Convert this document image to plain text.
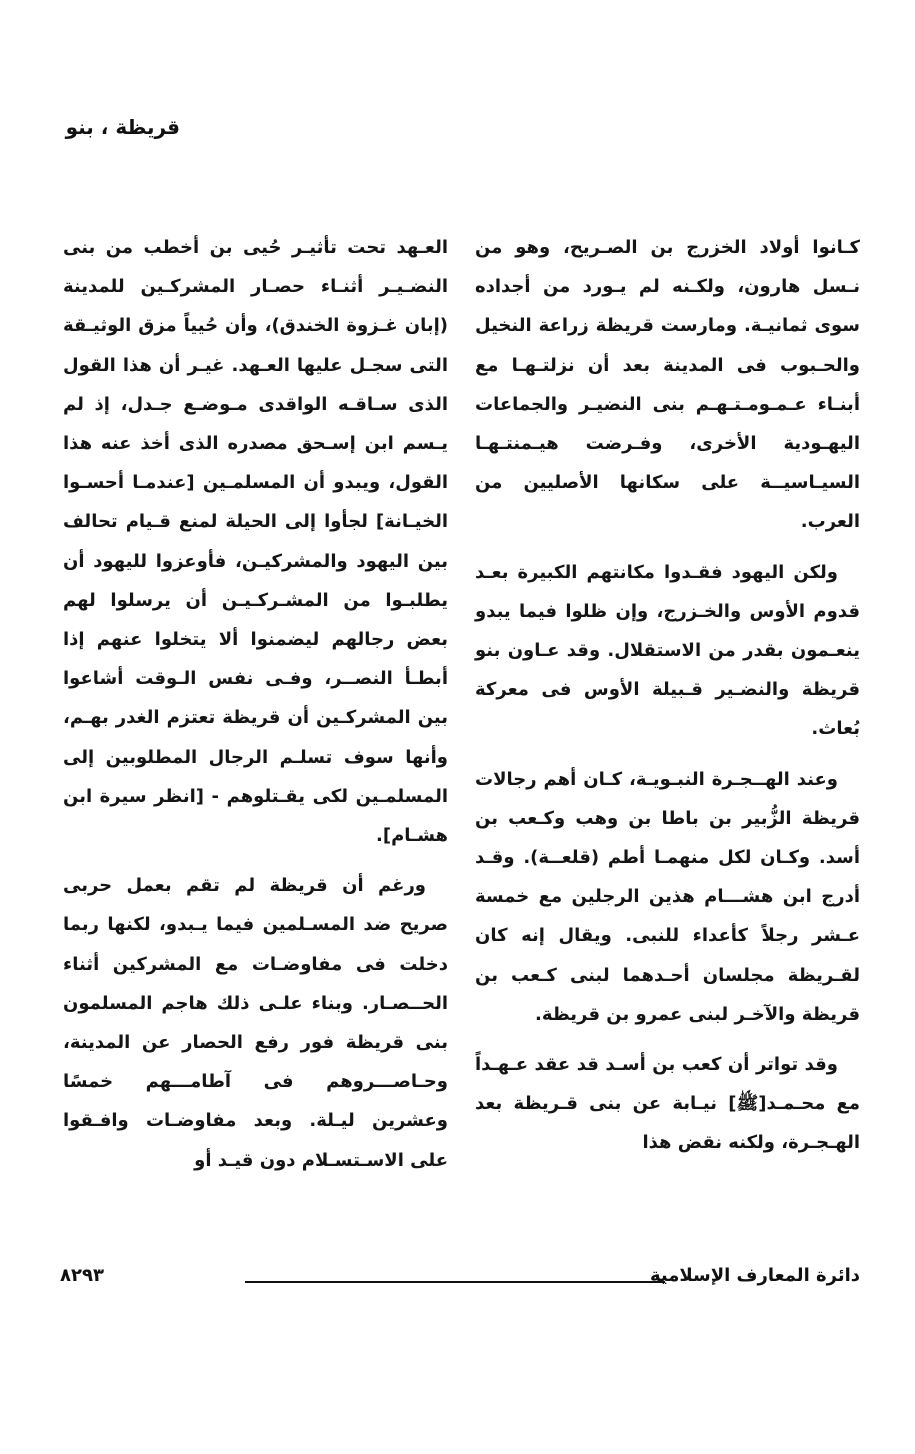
قريظة ، بنو

كـانوا أولاد الخزرج بن الصـريح، وهو من نـسل هارون، ولكـنه لم يـورد من أجداده سوى ثمانيـة. ومارست قريظة زراعة النخيل والحـبوب فى المدينة بعد أن نزلتـهـا مع أبنـاء عـمـومـتـهـم بنى النضيـر والجماعات اليهـودية الأخرى، وفـرضت هيـمنتـهـا السيـاسيــة على سكانها الأصليين من العرب.

ولكن اليهود فقـدوا مكانتهم الكبيرة بعـد قدوم الأوس والخـزرج، وإن ظلوا فيما يبدو ينعـمون بقدر من الاستقلال. وقد عـاون بنو قريظة والنضـير قـبيلة الأوس فى معركة بُعاث.

وعند الهــجـرة النبـويـة، كـان أهم رجالات قريظة الزُّبير بن باطا بن وهب وكـعب بن أسد. وكـان لكل منهمـا أطم (قلعــة). وقـد أدرج ابن هشـــام هذين الرجلين مع خمسة عـشر رجلاً كأعداء للنبى. ويقال إنه كان لقـريظة مجلسان أحـدهما لبنى كـعب بن قريظة والآخـر لبنى عمرو بن قريظة.

وقد تواتر أن كعب بن أسـد قد عقد عـهـداً مع محـمـد[ﷺ] نيـابة عن بنى قـريظة بعد الهـجـرة، ولكنه نقض هذا

العـهد تحت تأثيـر حُيى بن أخطب من بنى النضـيـر أثنـاء حصـار المشركـين للمدينة (إبان غـزوة الخندق)، وأن حُيياً مزق الوثيـقة التى سجـل عليها العـهد. غيـر أن هذا القول الذى سـاقـه الواقدى مـوضـع جـدل، إذ لم يـسم ابن إسـحق مصدره الذى أخذ عنه هذا القول، ويبدو أن المسلمـين [عندمـا أحسـوا الخيـانة] لجأوا إلى الحيلة لمنع قـيام تحالف بين اليهود والمشركيـن، فأوعزوا لليهود أن يطلبـوا من المشـركـيـن أن يرسلوا لهم بعض رجالهم ليضمنوا ألا يتخلوا عنهم إذا أبطـأ النصــر، وفـى نفس الـوقت أشاعوا بين المشركـين أن قريظة تعتزم الغدر بهـم، وأنها سوف تسلـم الرجال المطلوبين إلى المسلمـين لكى يقـتلوهم - [انظر سيرة ابن هشـام].

ورغم أن قريظة لم تقم بعمل حربى صريح ضد المسـلمين فيما يـبدو، لكنها ربما دخلت فى مفاوضـات مع المشركين أثناء الحــصـار. وبناء علـى ذلك هاجم المسلمون بنى قريظة فور رفع الحصار عن المدينة، وحـاصـــروهم فى آطامـــهم خمسًا وعشرين ليـلة. وبعد مفاوضـات وافـقوا على الاسـتسـلام دون قيـد أو

دائرة المعارف الإسلامية
٨٢٩٣
